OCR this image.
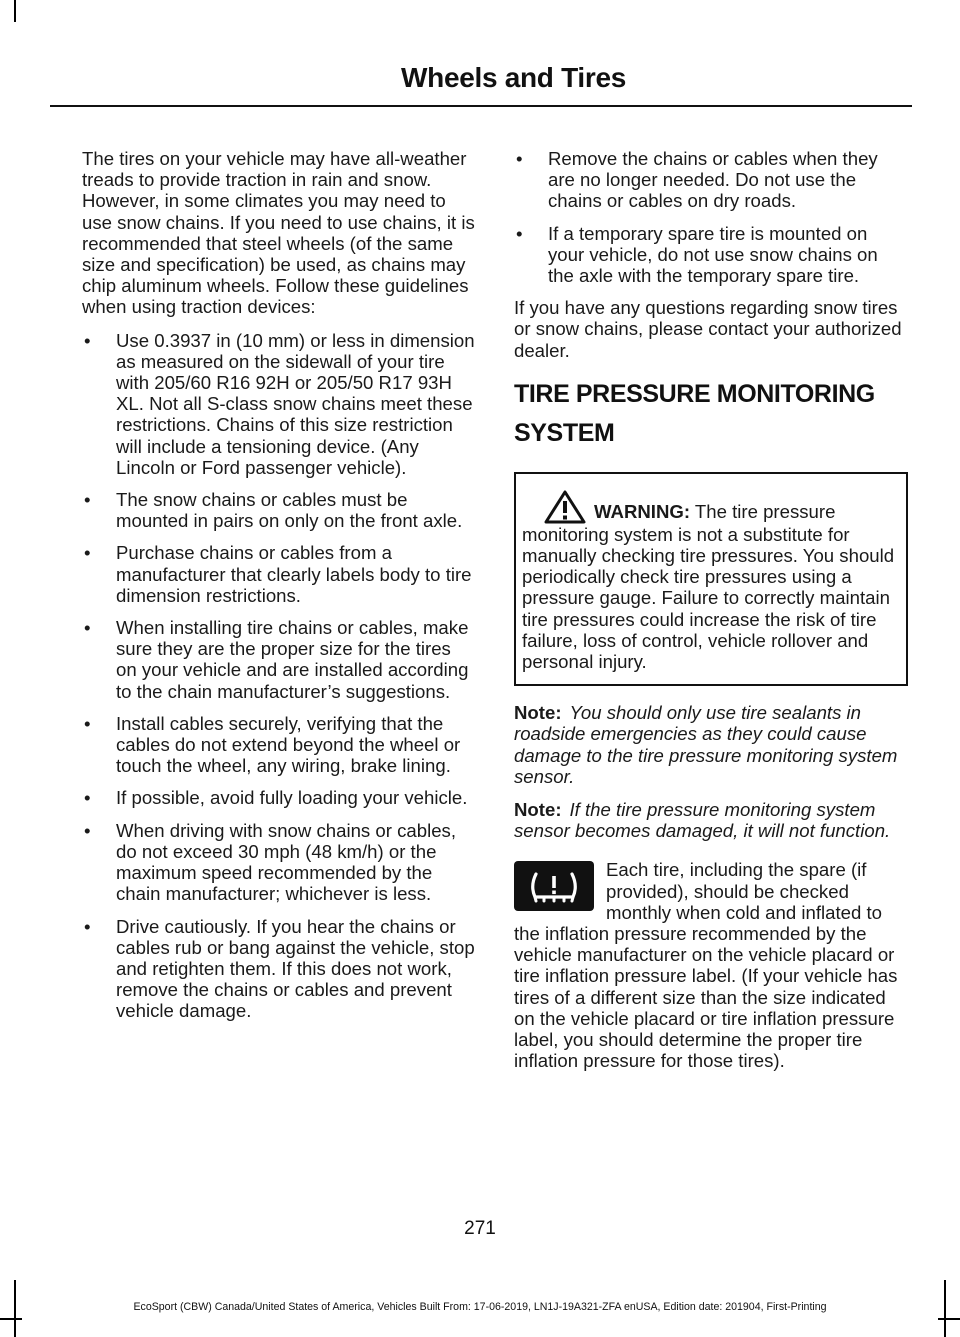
Wheels and Tires

The tires on your vehicle may have all-weather treads to provide traction in rain and snow. However, in some climates you may need to use snow chains. If you need to use chains, it is recommended that steel wheels (of the same size and specification) be used, as chains may chip aluminum wheels. Follow these guidelines when using traction devices:

• Use 0.3937 in (10 mm) or less in dimension as measured on the sidewall of your tire with 205/60 R16 92H or 205/50 R17 93H XL. Not all S-class snow chains meet these restrictions. Chains of this size restriction will include a tensioning device. (Any Lincoln or Ford passenger vehicle).
• The snow chains or cables must be mounted in pairs on only on the front axle.
• Purchase chains or cables from a manufacturer that clearly labels body to tire dimension restrictions.
• When installing tire chains or cables, make sure they are the proper size for the tires on your vehicle and are installed according to the chain manufacturer’s suggestions.
• Install cables securely, verifying that the cables do not extend beyond the wheel or touch the wheel, any wiring, brake lining.
• If possible, avoid fully loading your vehicle.
• When driving with snow chains or cables, do not exceed 30 mph (48 km/h) or the maximum speed recommended by the chain manufacturer; whichever is less.
• Drive cautiously. If you hear the chains or cables rub or bang against the vehicle, stop and retighten them. If this does not work, remove the chains or cables and prevent vehicle damage.
• Remove the chains or cables when they are no longer needed. Do not use the chains or cables on dry roads.
• If a temporary spare tire is mounted on your vehicle, do not use snow chains on the axle with the temporary spare tire.

If you have any questions regarding snow tires or snow chains, please contact your authorized dealer.

TIRE PRESSURE MONITORING
SYSTEM
WARNING: The tire pressure monitoring system is not a substitute for manually checking tire pressures. You should periodically check tire pressures using a pressure gauge. Failure to correctly maintain tire pressures could increase the risk of tire failure, loss of control, vehicle rollover and personal injury.

Note: You should only use tire sealants in roadside emergencies as they could cause damage to the tire pressure monitoring system sensor.

Note: If the tire pressure monitoring system sensor becomes damaged, it will not function.

Each tire, including the spare (if provided), should be checked monthly when cold and inflated to the inflation pressure recommended by the vehicle manufacturer on the vehicle placard or tire inflation pressure label. (If your vehicle has tires of a different size than the size indicated on the vehicle placard or tire inflation pressure label, you should determine the proper tire inflation pressure for those tires).

271
EcoSport (CBW) Canada/United States of America, Vehicles Built From: 17-06-2019, LN1J-19A321-ZFA enUSA, Edition date: 201904, First-Printing
